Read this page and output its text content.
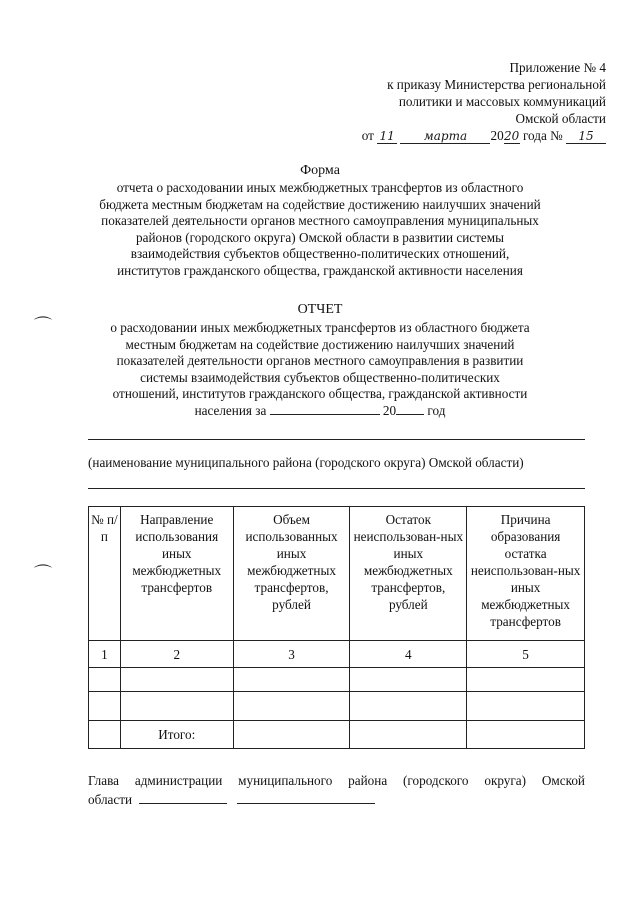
Приложение № 4
к приказу Министерства региональной
политики и массовых коммуникаций
Омской области
от 11 марта 2020 года № 15
Форма
отчета о расходовании иных межбюджетных трансфертов из областного
бюджета местным бюджетам на содействие достижению наилучших значений
показателей деятельности органов местного самоуправления муниципальных
районов (городского округа) Омской области в развитии системы
взаимодействия субъектов общественно-политических отношений,
институтов гражданского общества, гражданской активности населения
ОТЧЕТ
о расходовании иных межбюджетных трансфертов из областного бюджета
местным бюджетам на содействие достижению наилучших значений
показателей деятельности органов местного самоуправления в развитии
системы взаимодействия субъектов общественно-политических
отношений, институтов гражданского общества, гражданской активности
населения за	20 год
(наименование муниципального района (городского округа) Омской области)
⌒
⌒
№ п/п	Направление использования иных межбюджетных трансфертов	Объем использованных иных межбюджетных трансфертов, рублей	Остаток неиспользован-ных иных межбюджетных трансфертов, рублей	Причина образования остатка неиспользован-ных иных межбюджетных трансфертов
1	2	3	4	5

	Итого:			
Глава администрации муниципального района (городского округа) Омской
области
